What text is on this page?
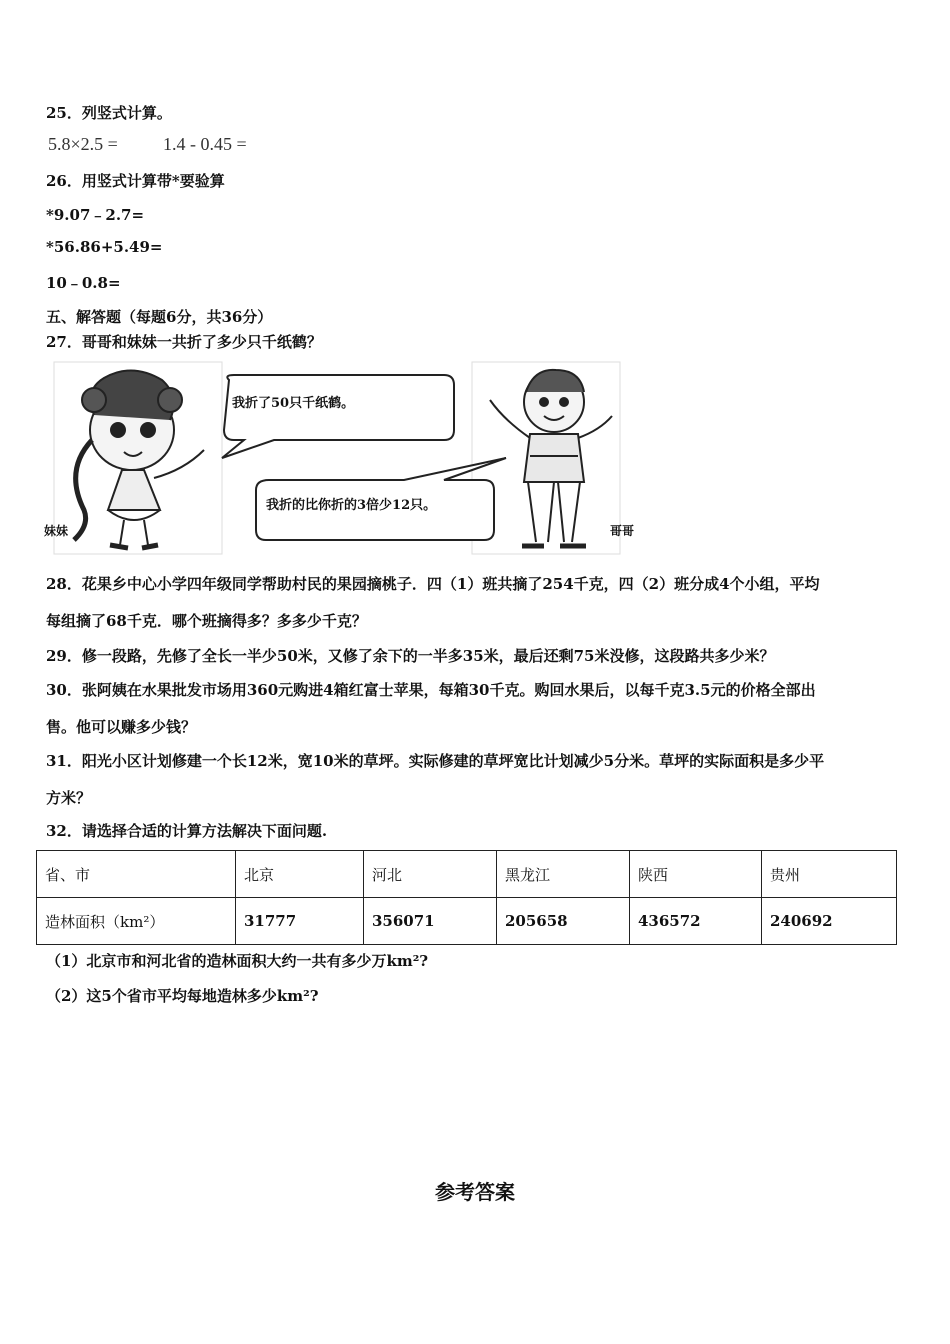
25．列竖式计算。
5.8×2.5 =	1.4 - 0.45 =
26．用竖式计算带*要验算
*9.07﹣2.7=
*56.86+5.49=
10﹣0.8=
五、解答题（每题6分，共36分）
27．哥哥和妹妹一共折了多少只千纸鹤？
我折了50只千纸鹤。
我折的比你折的3倍少12只。
妹妹	哥哥
28．花果乡中心小学四年级同学帮助村民的果园摘桃子．四（1）班共摘了254千克，四（2）班分成4个小组，平均
每组摘了68千克．哪个班摘得多？多多少千克？
29．修一段路，先修了全长一半少50米，又修了余下的一半多35米，最后还剩75米没修，这段路共多少米？
30．张阿姨在水果批发市场用360元购进4箱红富士苹果，每箱30千克。购回水果后，以每千克3.5元的价格全部出
售。他可以赚多少钱？
31．阳光小区计划修建一个长12米，宽10米的草坪。实际修建的草坪宽比计划减少5分米。草坪的实际面积是多少平
方米？
32．请选择合适的计算方法解决下面问题.
省、市	北京	河北	黑龙江	陕西	贵州
造林面积（km²）	31777	356071	205658	436572	240692
（1）北京市和河北省的造林面积大约一共有多少万km²?
（2）这5个省市平均每地造林多少km²?
参考答案
